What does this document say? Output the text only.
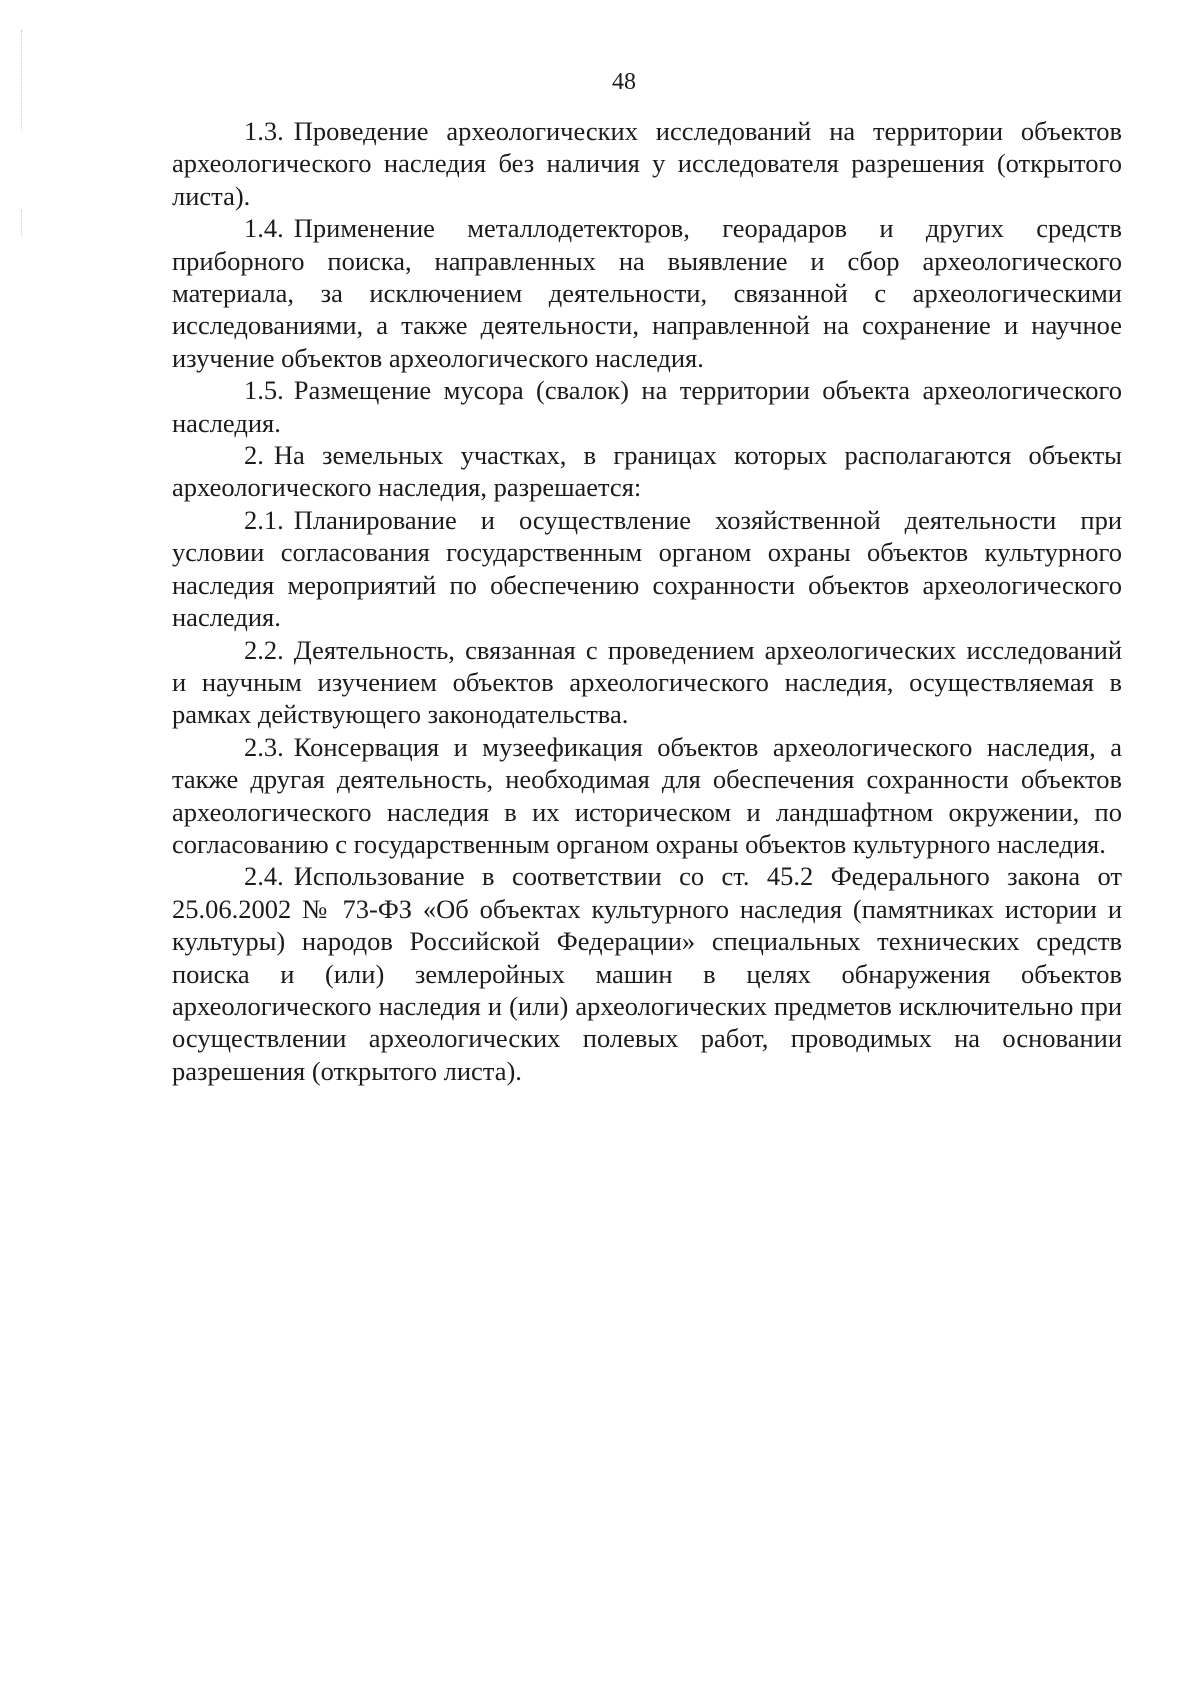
48

1.3. Проведение археологических исследований на территории объектов археологического наследия без наличия у исследователя разрешения (открытого листа).

1.4. Применение металлодетекторов, георадаров и других средств приборного поиска, направленных на выявление и сбор археологического материала, за исключением деятельности, связанной с археологическими исследованиями, а также деятельности, направленной на сохранение и научное изучение объектов археологического наследия.

1.5. Размещение мусора (свалок) на территории объекта археологического наследия.

2. На земельных участках, в границах которых располагаются объекты археологического наследия, разрешается:

2.1. Планирование и осуществление хозяйственной деятельности при условии согласования государственным органом охраны объектов культурного наследия мероприятий по обеспечению сохранности объектов археологического наследия.

2.2. Деятельность, связанная с проведением археологических исследований и научным изучением объектов археологического наследия, осуществляемая в рамках действующего законодательства.

2.3. Консервация и музеефикация объектов археологического наследия, а также другая деятельность, необходимая для обеспечения сохранности объектов археологического наследия в их историческом и ландшафтном окружении, по согласованию с государственным органом охраны объектов культурного наследия.

2.4. Использование в соответствии со ст. 45.2 Федерального закона от 25.06.2002 № 73-ФЗ «Об объектах культурного наследия (памятниках истории и культуры) народов Российской Федерации» специальных технических средств поиска и (или) землеройных машин в целях обнаружения объектов археологического наследия и (или) археологических предметов исключительно при осуществлении археологических полевых работ, проводимых на основании разрешения (открытого листа).
